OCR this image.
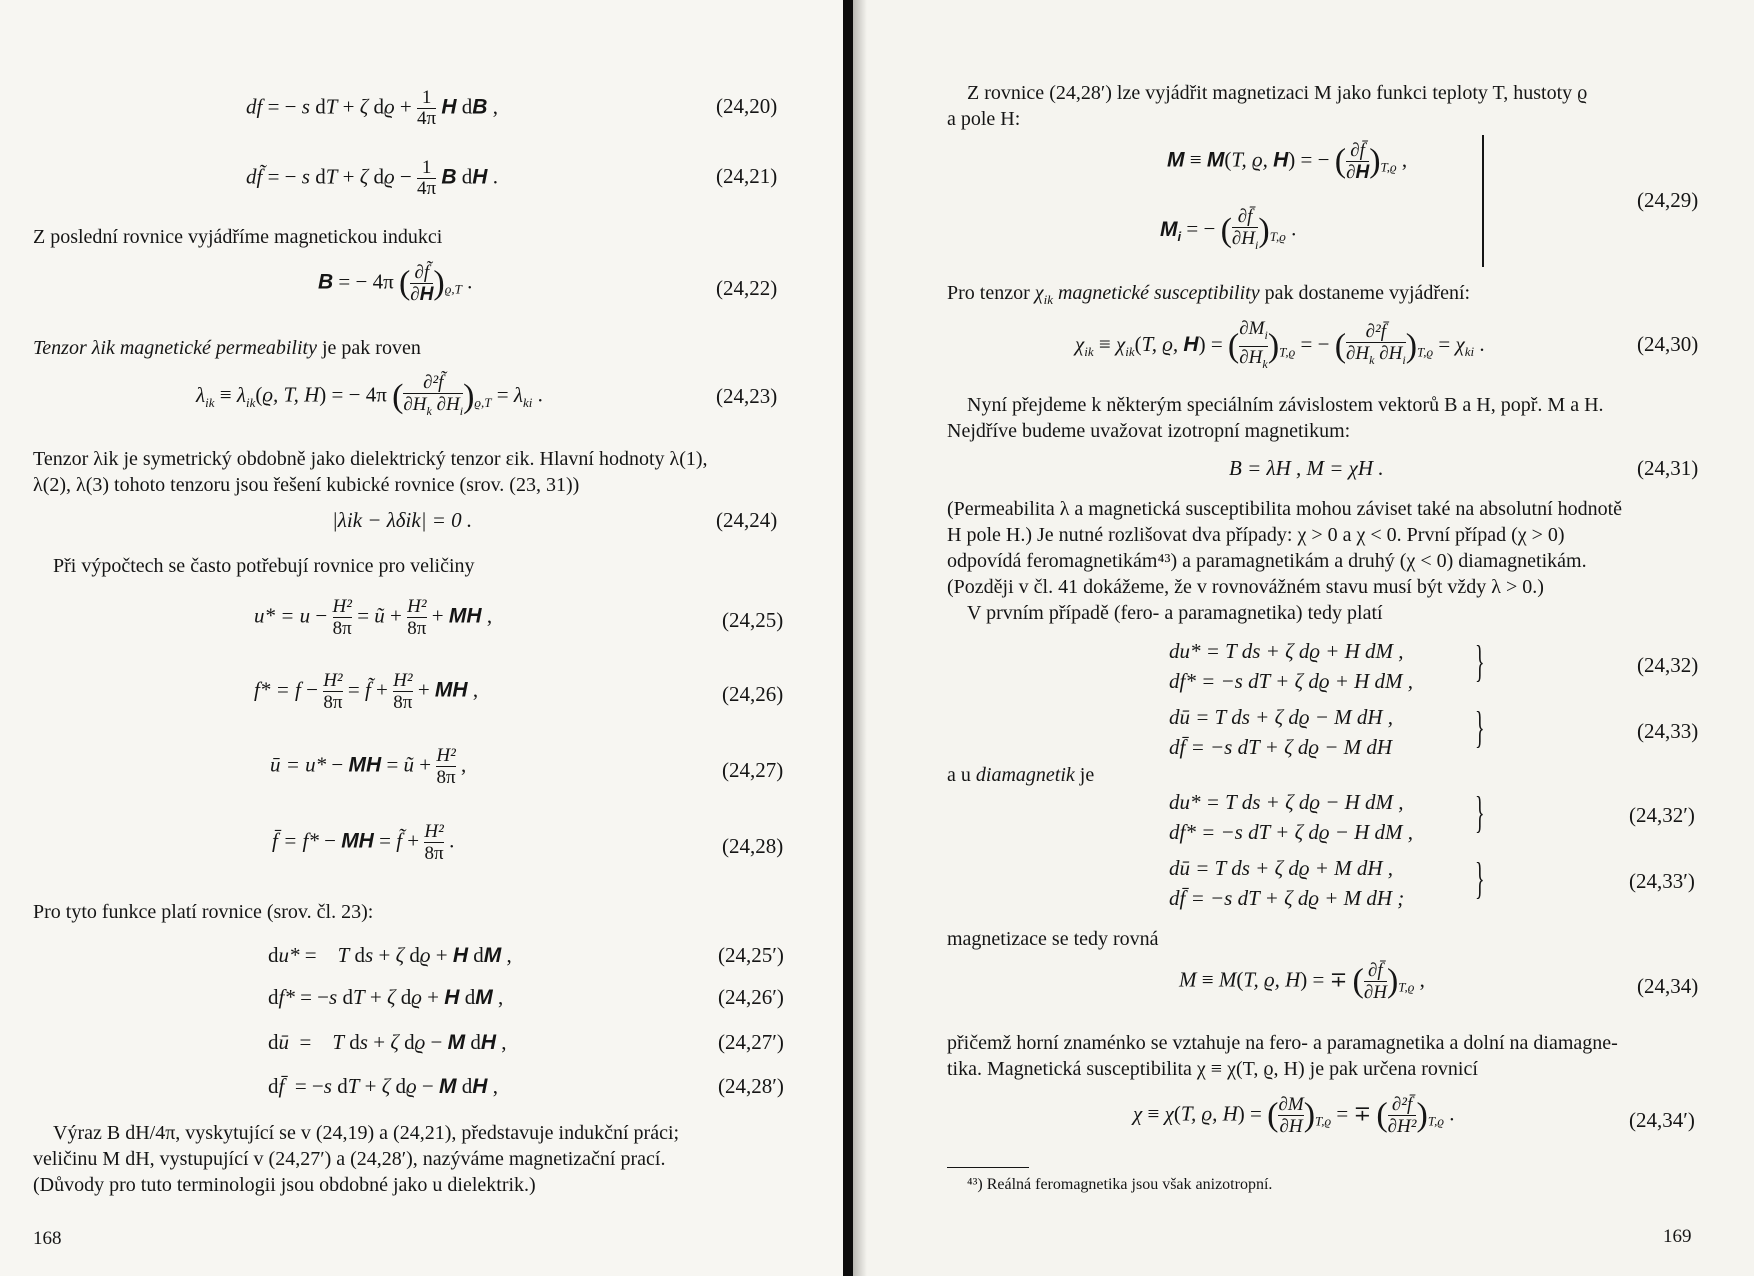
df = − s dT + ζ $dϱ + \frac{1}{4\pi}$ H dB ,	(24,20)
df̃ = − s dT + ζ $dϱ - \frac{1}{4\pi}$ B dH .	(24,21)
Z poslední rovnice vyjádříme magnetickou indukci
B = − 4π ( $\frac{\partial f̃}{\partial H} )_{ϱ,T}$ .	(24,22)
Tenzor λik magnetické permeability je pak roven
$\lambda_{ik} \equiv \lambda_{ik}(ϱ$, T, H) = − 4π ( $\frac{\text{∂²f̃}}{\partial H_k \partial H_i} )_{ϱ,T} = \lambda_{ki}$ .	(24,23)
Tenzor λik je symetrický obdobně jako dielektrický tenzor εik. Hlavní hodnoty λ(1),
λ(2), λ(3) tohoto tenzoru jsou řešení kubické rovnice (srov. (23, 31))
|λik − λδik| = 0 .	(24,24)
Při výpočtech se často potřebují rovnice pro veličiny
$u* = u - \frac{\text{H²}}{8\pi}$ = ũ + $\frac{\text{H²}}{8\pi}$ + MH ,	(24,25)
$f* = f - \frac{\text{H²}}{8\pi}$ = f̃ + $\frac{\text{H²}}{8\pi}$ + MH ,	(24,26)
ū = u* − MH = ũ + $\frac{\text{H²}}{8\pi}$ ,	(24,27)
f̄ = f* − MH = f̃ + $\frac{\text{H²}}{8\pi}$ .	(24,28)
Pro tyto funkce platí rovnice (srov. čl. 23):
du* =    T ds + ζ dϱ + H dM ,	(24,25′)
df* = −s dT + ζ dϱ + H dM ,	(24,26′)
dū  =    T ds + ζ dϱ − M dH ,	(24,27′)
df̄  = −s dT + ζ dϱ − M dH ,	(24,28′)
Výraz B dH/4π, vyskytující se v (24,19) a (24,21), představuje indukční práci;
veličinu M dH, vystupující v (24,27′) a (24,28′), nazýváme magnetizační prací.
(Důvody pro tuto terminologii jsou obdobné jako u dielektrik.)
168
Z rovnice (24,28′) lze vyjádřit magnetizaci M jako funkci teploty T, hustoty ϱ
a pole H:
M ≡ M(T, ϱ, H) = − ( $\frac{\partial f̄}{\partial H} )_{T,ϱ}$ ,
$M_i$ = − ( $\frac{\partial f̄}{\partial H_i} )_{T,ϱ}$ .
(24,29)
Pro tenzor $\chi_{ik}$ magnetické susceptibility pak dostaneme vyjádření:
$\chi_{ik} \equiv \chi_{ik}(T$, ϱ, H) = ( $\frac{\partial M_i}{\partial H_k} )_{T,ϱ}$ = − ( $\frac{\text{∂²f̄}}{\partial H_k \partial H_i} )_{T,ϱ} = \chi_{ki}$ .	(24,30)
Nyní přejdeme k některým speciálním závislostem vektorů B a H, popř. M a H.
Nejdříve budeme uvažovat izotropní magnetikum:
B = λH , M = χH .	(24,31)
(Permeabilita λ a magnetická susceptibilita mohou záviset také na absolutní hodnotě
H pole H.) Je nutné rozlišovat dva případy: χ > 0 a χ < 0. První případ (χ > 0)
odpovídá feromagnetikám⁴³) a paramagnetikám a druhý (χ < 0) diamagnetikám.
(Později v čl. 41 dokážeme, že v rovnovážném stavu musí být vždy λ > 0.)
V prvním případě (fero- a paramagnetika) tedy platí
du* = T ds + ζ dϱ + H dM ,
df* = −s dT + ζ dϱ + H dM , }	(24,32)
dū = T ds + ζ dϱ − M dH ,
df̄ = −s dT + ζ dϱ − M dH }	(24,33)
a u diamagnetik je
du* = T ds + ζ dϱ − H dM ,
df* = −s dT + ζ dϱ − H dM , }	(24,32′)
dū = T ds + ζ dϱ + M dH ,
df̄ = −s dT + ζ dϱ + M dH ; }	(24,33′)
magnetizace se tedy rovná
M ≡ M(T, ϱ, H) = ∓ ( $\frac{\partial f̄}{\partial H} )_{T,ϱ}$ ,	(24,34)
přičemž horní znaménko se vztahuje na fero- a paramagnetika a dolní na diamagne-
tika. Magnetická susceptibilita χ ≡ χ(T, ϱ, H) je pak určena rovnicí
χ ≡ χ(T, ϱ, H) = ( $\frac{\partial M}{\partial H} )_{T,ϱ}$ = ∓ ( $\frac{\text{∂²f̄}}{\text{∂H²}} )_{T,ϱ}$ .	(24,34′)
⁴³) Reálná feromagnetika jsou však anizotropní.
169
